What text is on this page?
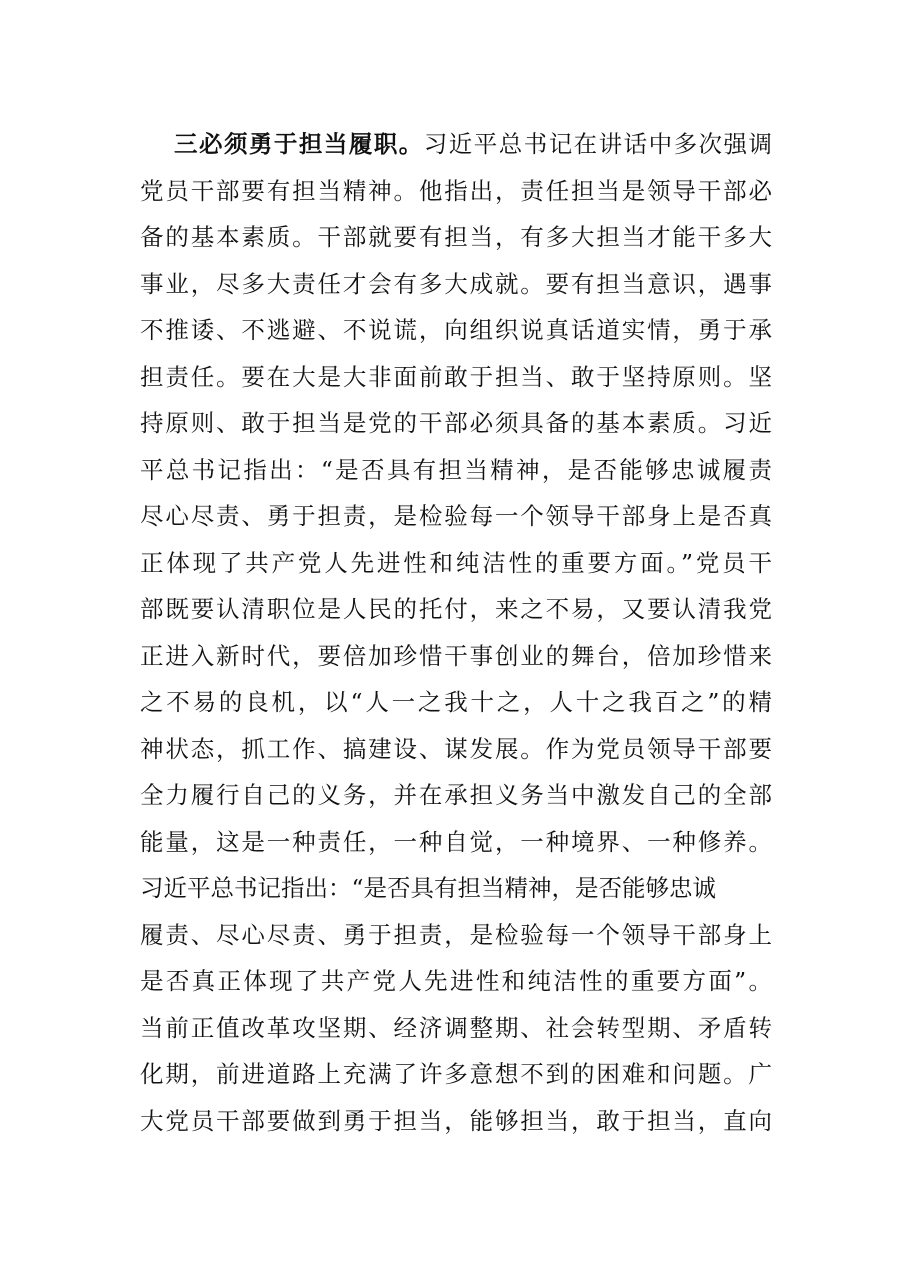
三必须勇于担当履职。习近平总书记在讲话中多次强调
党员干部要有担当精神。他指出，责任担当是领导干部必
备的基本素质。干部就要有担当，有多大担当才能干多大
事业，尽多大责任才会有多大成就。要有担当意识，遇事
不推诿、不逃避、不说谎，向组织说真话道实情，勇于承
担责任。要在大是大非面前敢于担当、敢于坚持原则。坚
持原则、敢于担当是党的干部必须具备的基本素质。习近
平总书记指出：“是否具有担当精神，是否能够忠诚履责
尽心尽责、勇于担责，是检验每一个领导干部身上是否真
正体现了共产党人先进性和纯洁性的重要方面。”党员干
部既要认清职位是人民的托付，来之不易，又要认清我党
正进入新时代，要倍加珍惜干事创业的舞台，倍加珍惜来
之不易的良机，以“人一之我十之，人十之我百之”的精
神状态，抓工作、搞建设、谋发展。作为党员领导干部要
全力履行自己的义务，并在承担义务当中激发自己的全部
能量，这是一种责任，一种自觉，一种境界、一种修养。
习近平总书记指出：“是否具有担当精神，是否能够忠诚
履责、尽心尽责、勇于担责，是检验每一个领导干部身上
是否真正体现了共产党人先进性和纯洁性的重要方面”。
当前正值改革攻坚期、经济调整期、社会转型期、矛盾转
化期，前进道路上充满了许多意想不到的困难和问题。广
大党员干部要做到勇于担当，能够担当，敢于担当，直向
